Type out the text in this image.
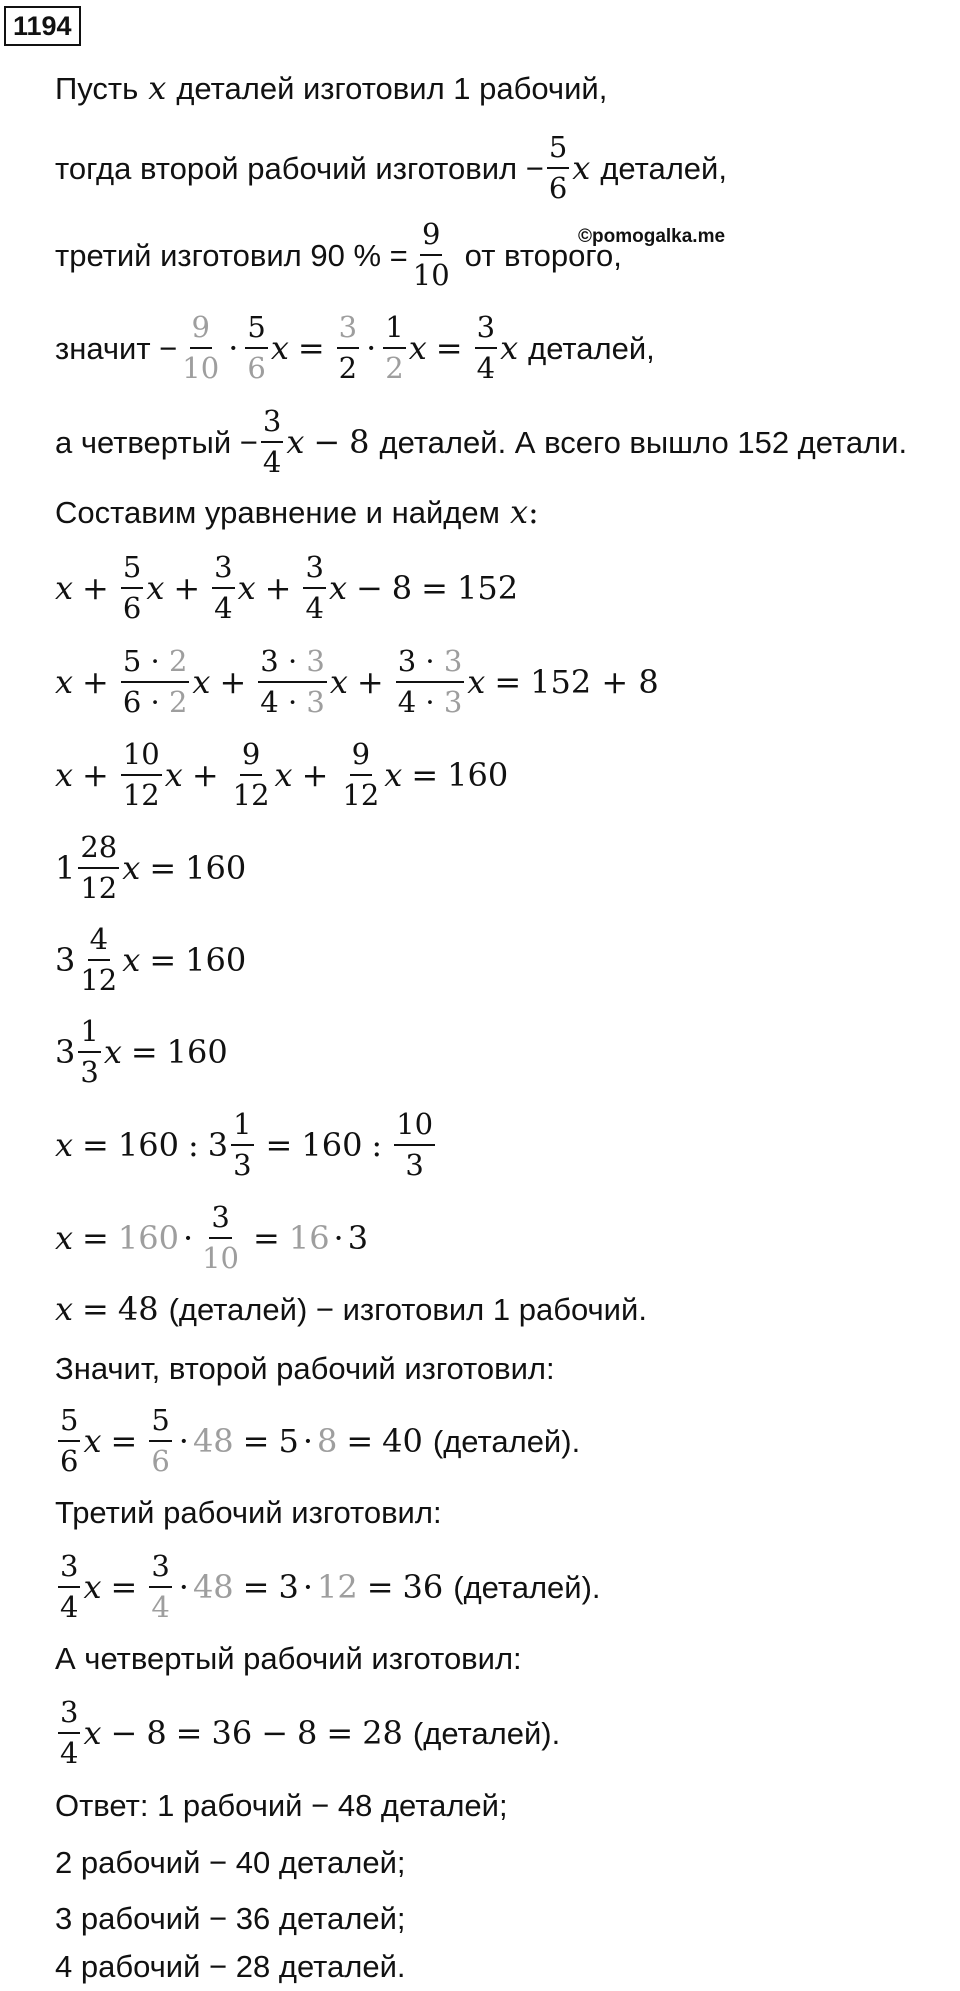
1194
©pomogalka.me
Пусть x деталей изготовил 1 рабочий,
тогда второй рабочий изготовил − $\frac{5}{6}$ x деталей,
третий изготовил 90 % = $\frac{9}{10}$ от второго,
значит − $\frac{9}{10}$ ·
5
6
$x = \frac{3}{2}$ ·
1
2
$x = \frac{3}{4}$ x деталей,
а четвертый − $\frac{3}{4}$ x − 8 деталей. А всего вышло 152 детали.
Составим уравнение и найдем x :
$x + \frac{5}{6}$ $x + \frac{3}{4}$ $x + \frac{3}{4}$ x − 8 = 152
$x + \frac{5 \cdot 2}{6 \cdot 2}$ $x + \frac{3 \cdot 3}{4 \cdot 3}$ $x + \frac{3 \cdot 3}{4 \cdot 3}$ x = 152 + 8
$x + \frac{10}{12}$ $x + \frac{9}{12}$ $x + \frac{9}{12}$ x = 160
1
28
12
x = 160
3
4
12
x = 160
3
1
3
x = 160
x = 160 : $3 \frac{1}{3} = 160$ :
10
3
$x = 160 \cdot \frac{3}{10} = 16 \cdot 3$
x = 48 (деталей) − изготовил 1 рабочий.
Значит, второй рабочий изготовил:
5
6
$x = \frac{5}{6} \cdot 48 = 5 \cdot 8 = 40$ (деталей).
Третий рабочий изготовил:
3
4
$x = \frac{3}{4} \cdot 48 = 3 \cdot 12 = 36$ (деталей).
А четвертый рабочий изготовил:
3
4
x − 8 = 36 − 8 = 28 (деталей).
Ответ: 1 рабочий − 48 деталей;
2 рабочий − 40 деталей;
3 рабочий − 36 деталей;
4 рабочий − 28 деталей.
